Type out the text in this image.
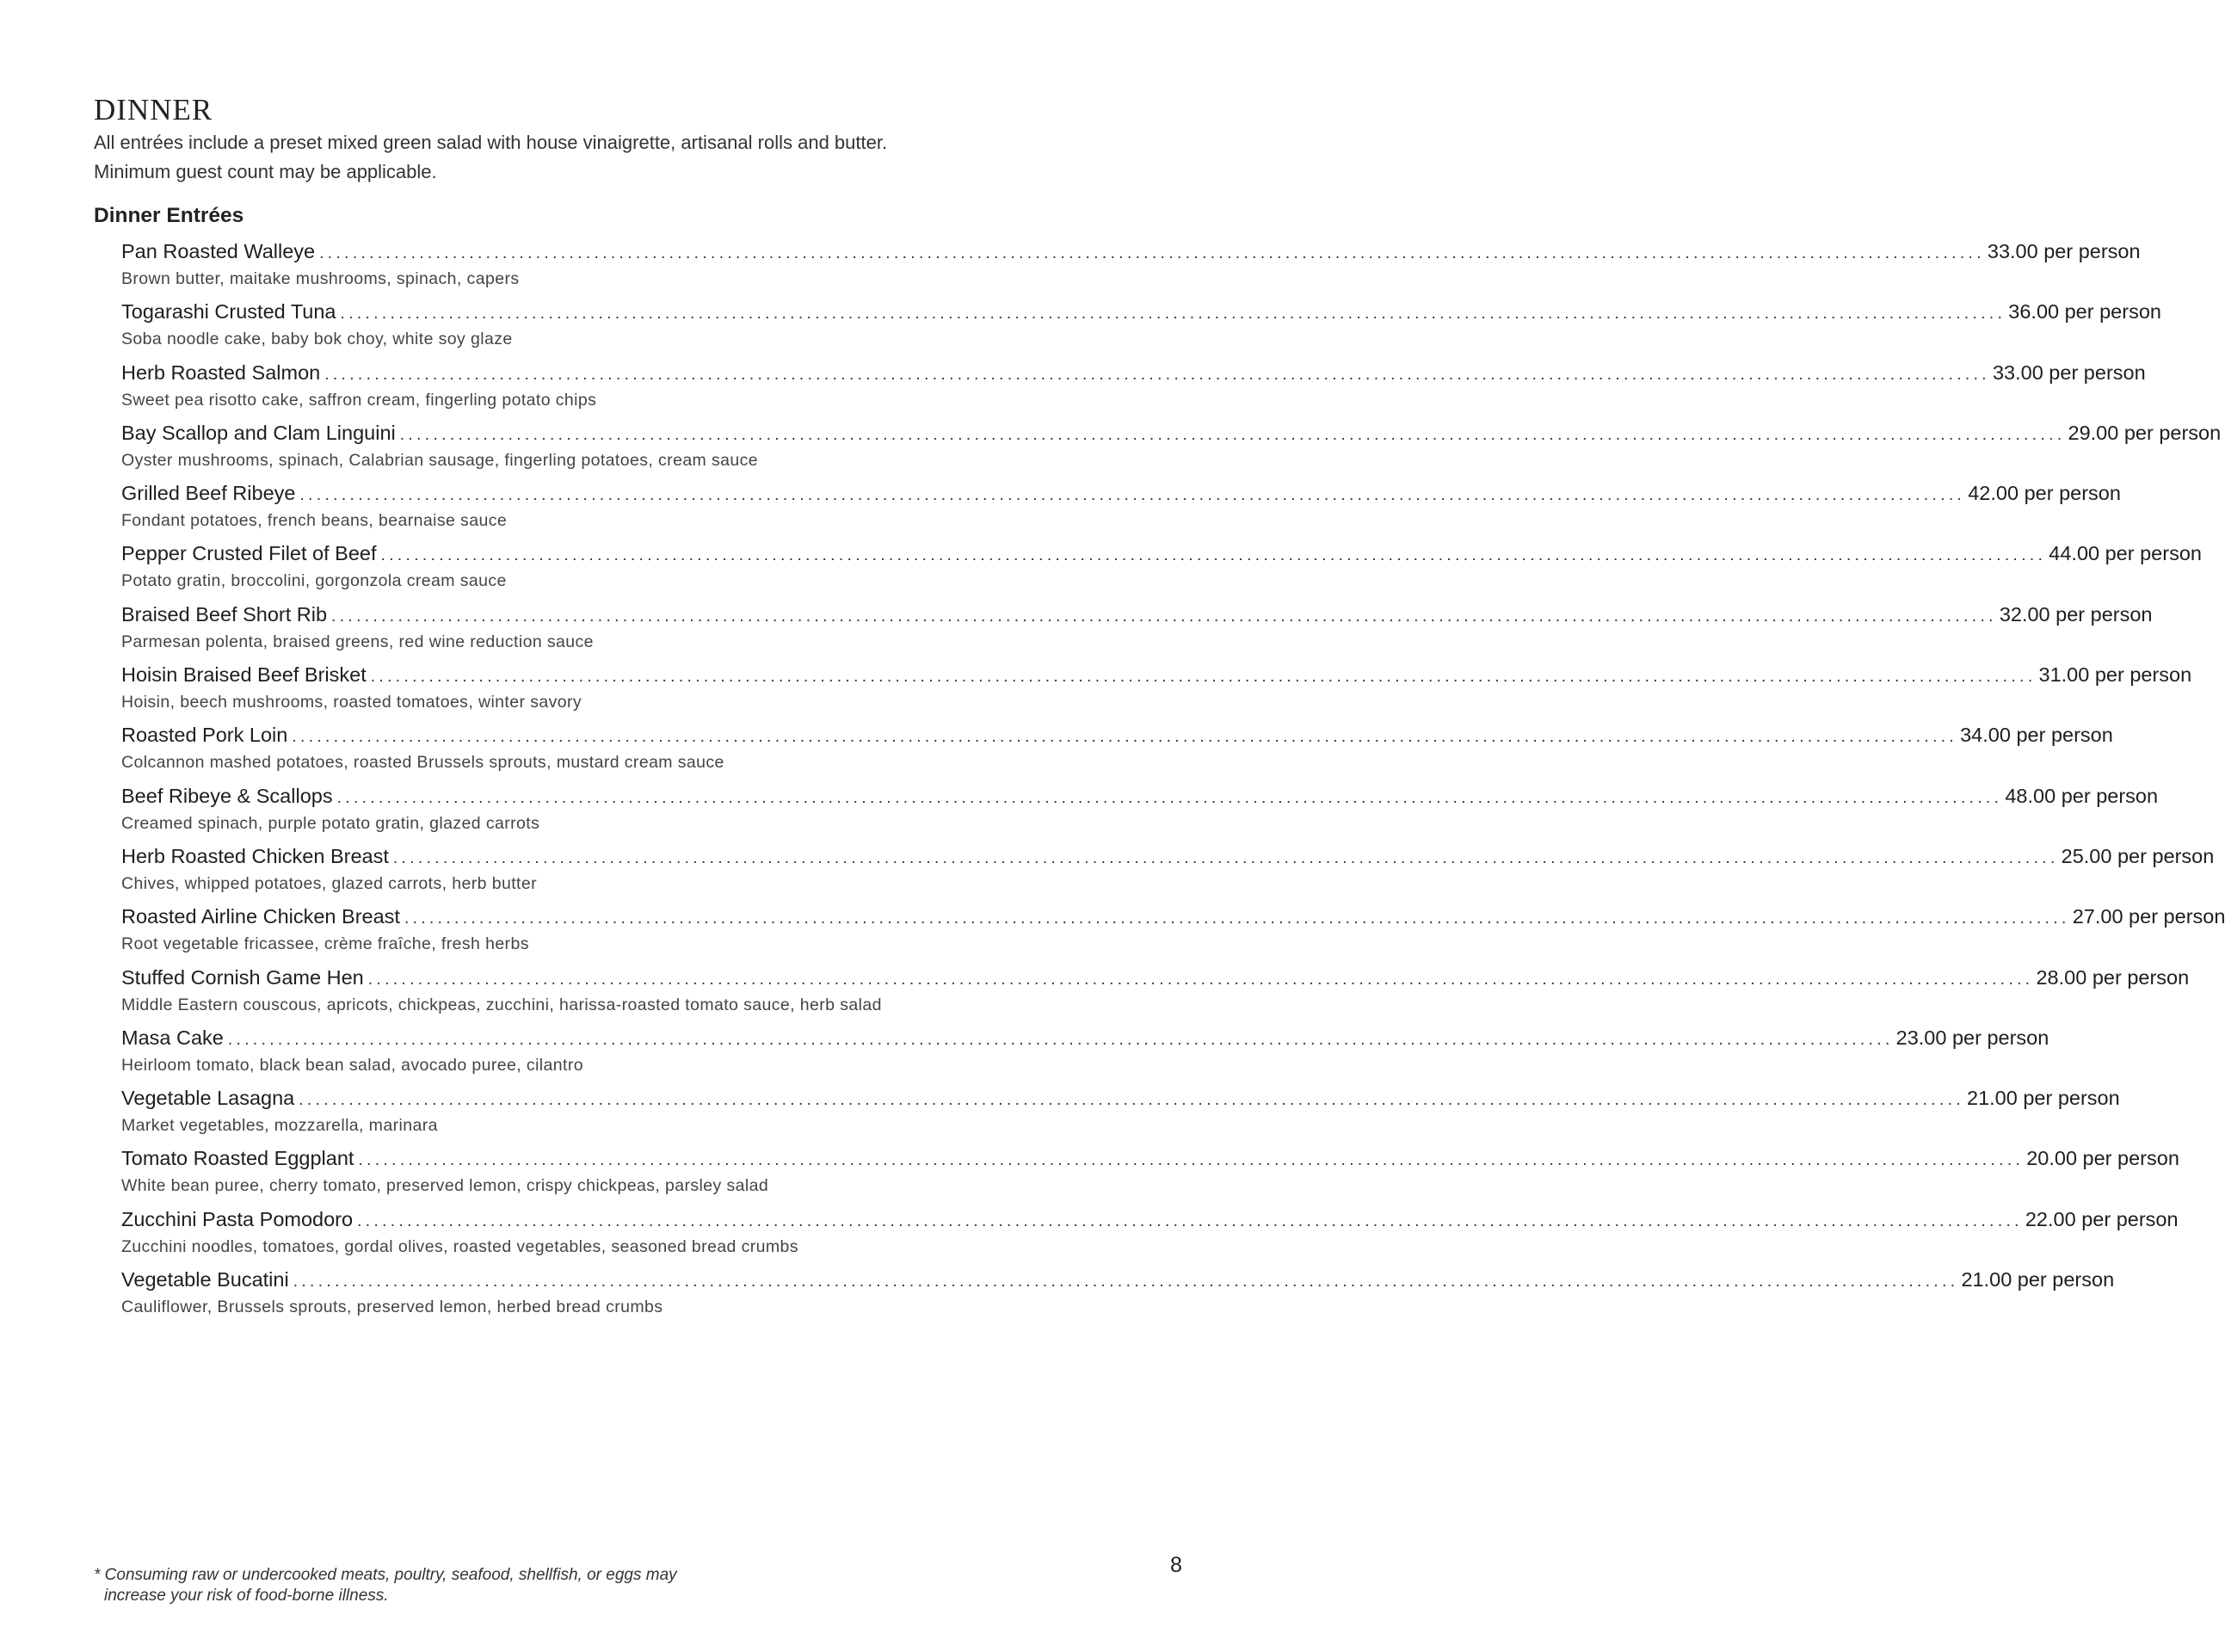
DINNER

All entrées include a preset mixed green salad with house vinaigrette, artisanal rolls and butter.

Minimum guest count may be applicable.

Dinner Entrées
Pan Roasted Walleye ........................................................................................................................................................................................................ 33.00 per person
Brown butter, maitake mushrooms, spinach, capers
Togarashi Crusted Tuna ........................................................................................................................................................................................................ 36.00 per person
Soba noodle cake, baby bok choy, white soy glaze
Herb Roasted Salmon ........................................................................................................................................................................................................ 33.00 per person
Sweet pea risotto cake, saffron cream, fingerling potato chips
Bay Scallop and Clam Linguini ........................................................................................................................................................................................................ 29.00 per person
Oyster mushrooms, spinach, Calabrian sausage, fingerling potatoes, cream sauce
Grilled Beef Ribeye ........................................................................................................................................................................................................ 42.00 per person
Fondant potatoes, french beans, bearnaise sauce
Pepper Crusted Filet of Beef ........................................................................................................................................................................................................ 44.00 per person
Potato gratin, broccolini, gorgonzola cream sauce
Braised Beef Short Rib ........................................................................................................................................................................................................ 32.00 per person
Parmesan polenta, braised greens, red wine reduction sauce
Hoisin Braised Beef Brisket ........................................................................................................................................................................................................ 31.00 per person
Hoisin, beech mushrooms, roasted tomatoes, winter savory
Roasted Pork Loin ........................................................................................................................................................................................................ 34.00 per person
Colcannon mashed potatoes, roasted Brussels sprouts, mustard cream sauce
Beef Ribeye & Scallops ........................................................................................................................................................................................................ 48.00 per person
Creamed spinach, purple potato gratin, glazed carrots
Herb Roasted Chicken Breast ........................................................................................................................................................................................................ 25.00 per person
Chives, whipped potatoes, glazed carrots, herb butter
Roasted Airline Chicken Breast ........................................................................................................................................................................................................ 27.00 per person
Root vegetable fricassee, crème fraîche, fresh herbs
Stuffed Cornish Game Hen ........................................................................................................................................................................................................ 28.00 per person
Middle Eastern couscous, apricots, chickpeas, zucchini, harissa-roasted tomato sauce, herb salad
Masa Cake ........................................................................................................................................................................................................ 23.00 per person
Heirloom tomato, black bean salad, avocado puree, cilantro
Vegetable Lasagna ........................................................................................................................................................................................................ 21.00 per person
Market vegetables, mozzarella, marinara
Tomato Roasted Eggplant ........................................................................................................................................................................................................ 20.00 per person
White bean puree, cherry tomato, preserved lemon, crispy chickpeas, parsley salad
Zucchini Pasta Pomodoro ........................................................................................................................................................................................................ 22.00 per person
Zucchini noodles, tomatoes, gordal olives, roasted vegetables, seasoned bread crumbs
Vegetable Bucatini ........................................................................................................................................................................................................ 21.00 per person
Cauliflower, Brussels sprouts, preserved lemon, herbed bread crumbs

* Consuming raw or undercooked meats, poultry, seafood, shellfish, or eggs may
increase your risk of food-borne illness.

8
